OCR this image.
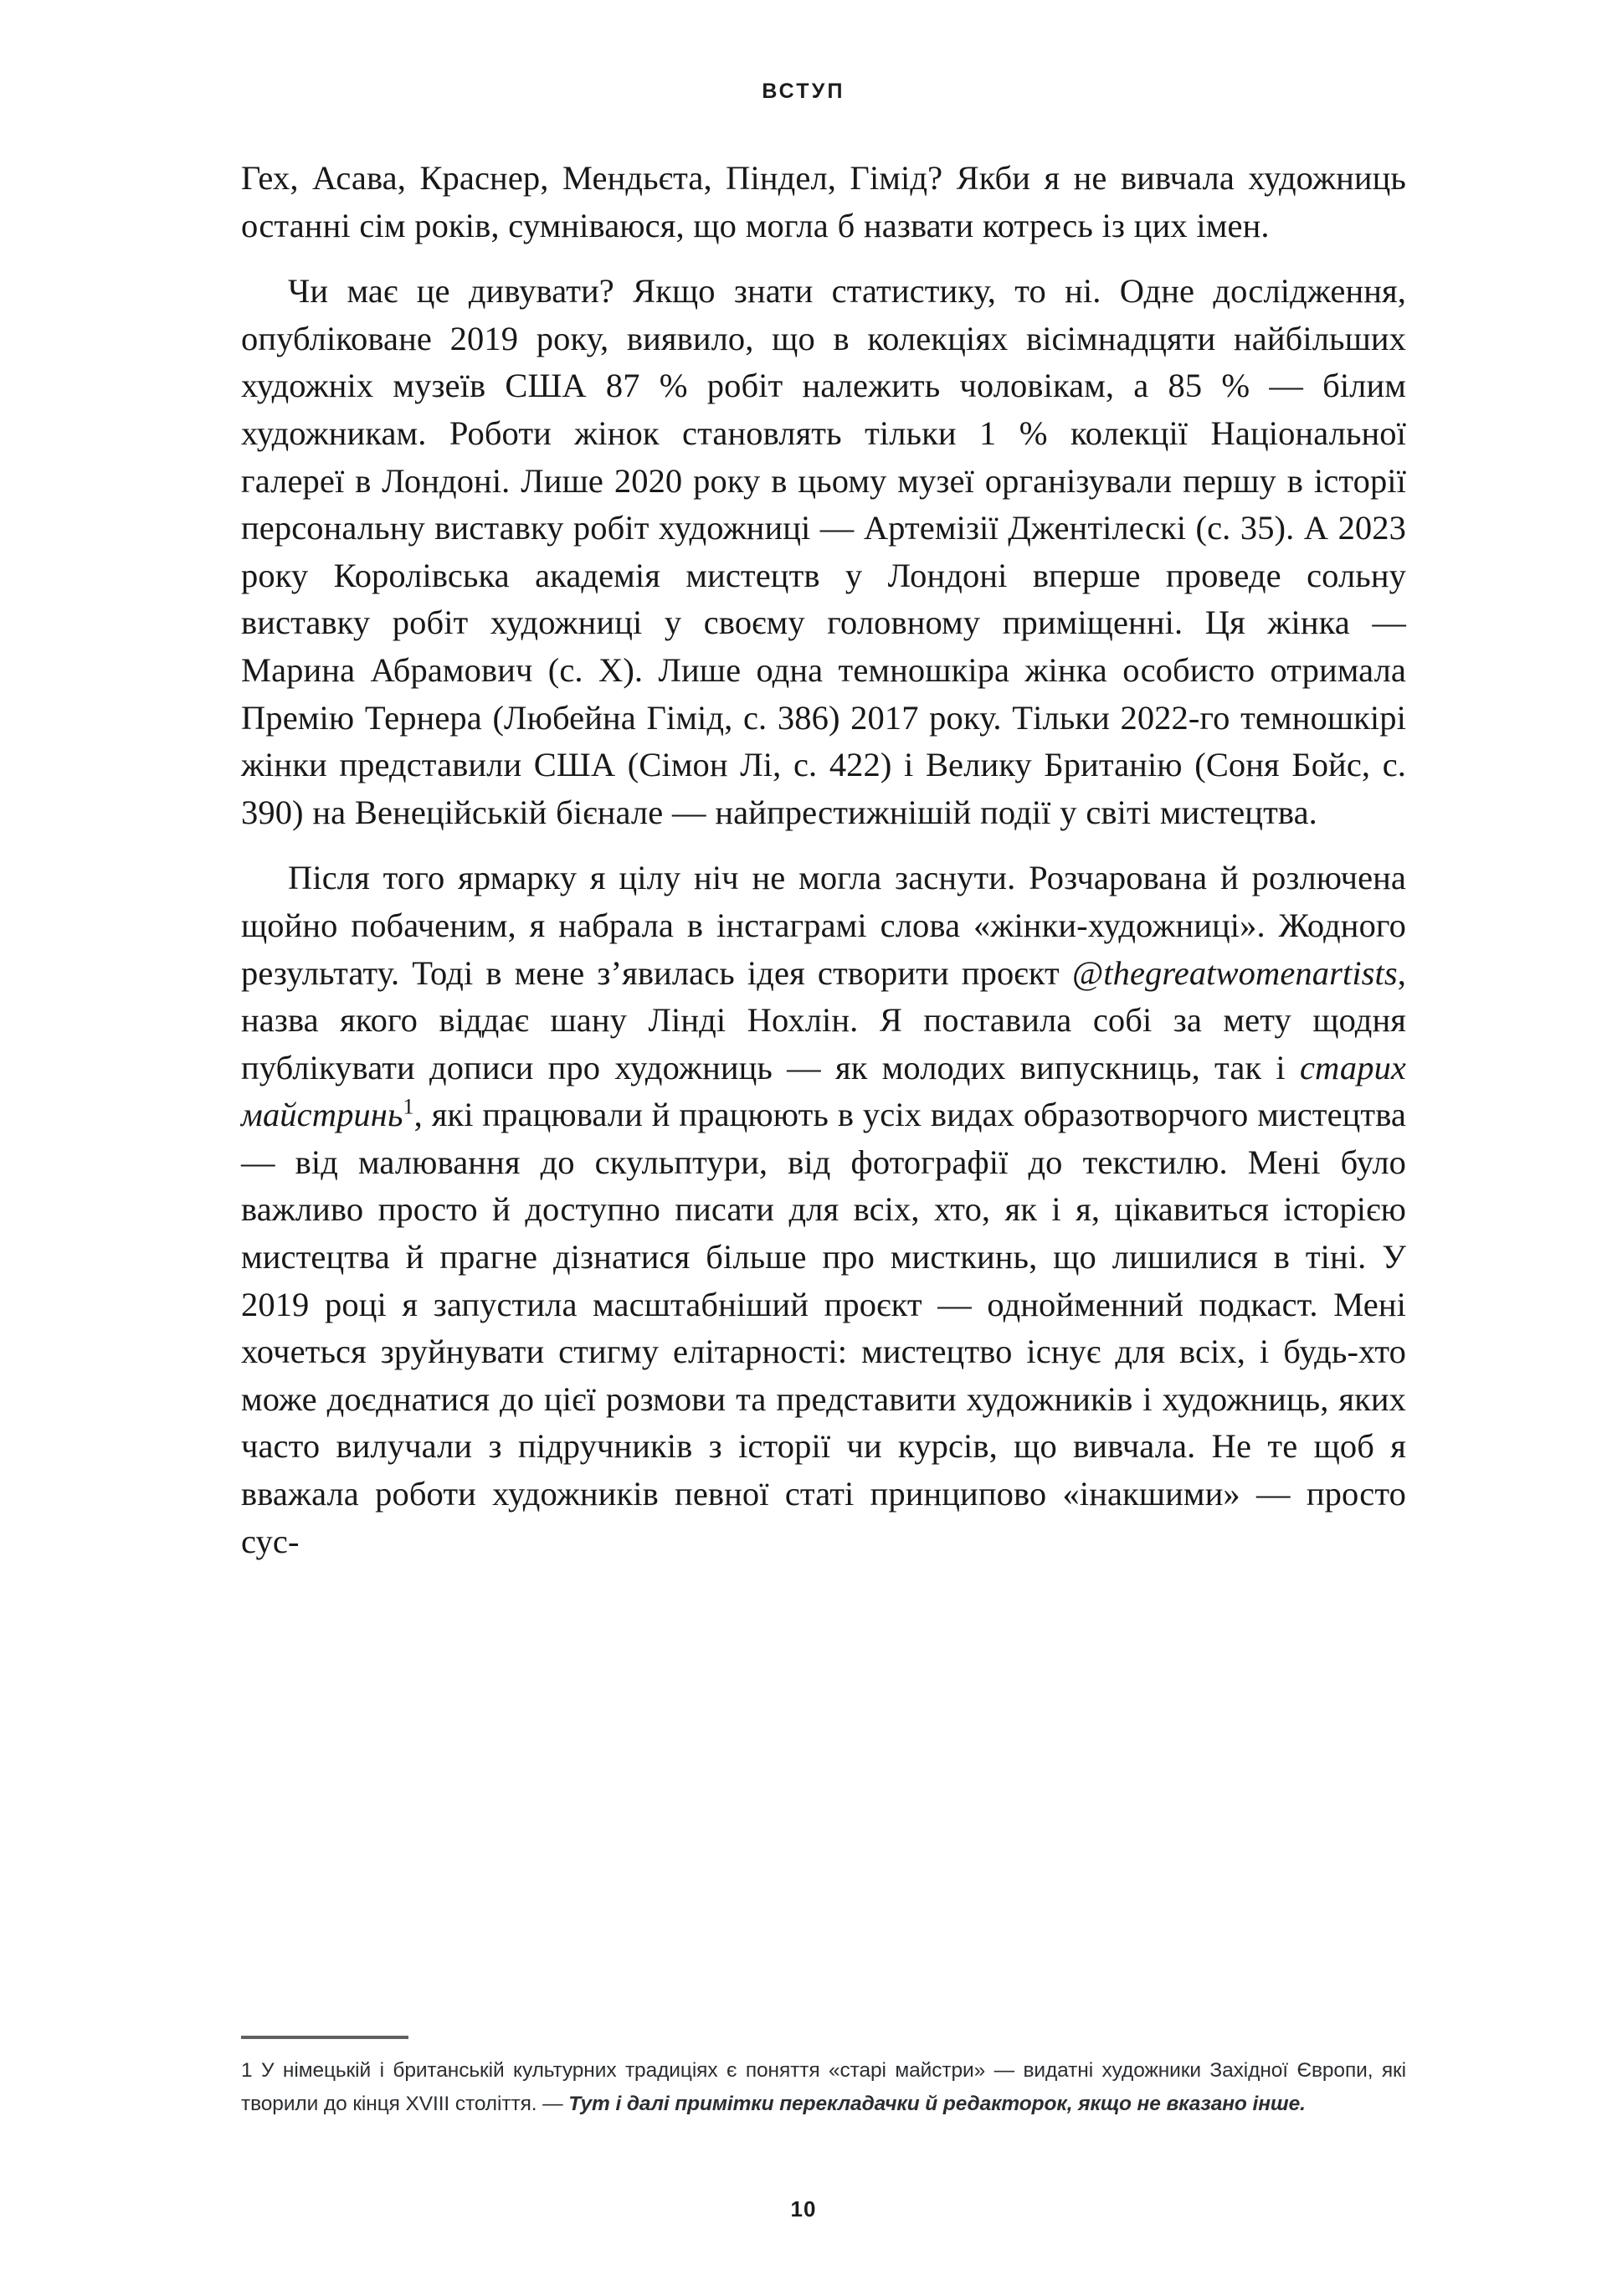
ВСТУП

Гех, Асава, Краснер, Мендьєта, Піндел, Гімід? Якби я не вивчала художниць останні сім років, сумніваюся, що могла б назвати котресь із цих імен.

Чи має це дивувати? Якщо знати статистику, то ні. Одне дослідження, опубліковане 2019 року, виявило, що в колекціях вісімнадцяти найбільших художніх музеїв США 87 % робіт належить чоловікам, а 85 % — білим художникам. Роботи жінок становлять тільки 1 % колекції Національної галереї в Лондоні. Лише 2020 року в цьому музеї організували першу в історії персональну виставку робіт художниці — Артемізії Джентілескі (с. 35). А 2023 року Королівська академія мистецтв у Лондоні вперше проведе сольну виставку робіт художниці у своєму головному приміщенні. Ця жінка — Марина Абрамович (с. X). Лише одна темношкіра жінка особисто отримала Премію Тернера (Любейна Гімід, с. 386) 2017 року. Тільки 2022-го темношкірі жінки представили США (Сімон Лі, с. 422) і Велику Британію (Соня Бойс, с. 390) на Венеційській бієнале — найпрестижнішій події у світі мистецтва.

Після того ярмарку я цілу ніч не могла заснути. Розчарована й розлючена щойно побаченим, я набрала в інстаграмі слова «жінки-художниці». Жодного результату. Тоді в мене з’явилась ідея створити проєкт @thegreatwomenartists, назва якого віддає шану Лінді Нохлін. Я поставила собі за мету щодня публікувати дописи про художниць — як молодих випускниць, так і старих майстринь$^1$, які працювали й працюють в усіх видах образотворчого мистецтва — від малювання до скульптури, від фотографії до текстилю. Мені було важливо просто й доступно писати для всіх, хто, як і я, цікавиться історією мистецтва й прагне дізнатися більше про мисткинь, що лишилися в тіні. У 2019 році я запустила масштабніший проєкт — однойменний подкаст. Мені хочеться зруйнувати стигму елітарності: мистецтво існує для всіх, і будь-хто може доєднатися до цієї розмови та представити художників і художниць, яких часто вилучали з підручників з історії чи курсів, що вивчала. Не те щоб я вважала роботи художників певної статі принципово «інакшими» — просто сус-

1 У німецькій і британській культурних традиціях є поняття «старі майстри» — видатні художники Західної Європи, які творили до кінця XVIII століття. — Тут і далі примітки перекладачки й редакторок, якщо не вказано інше.

10
